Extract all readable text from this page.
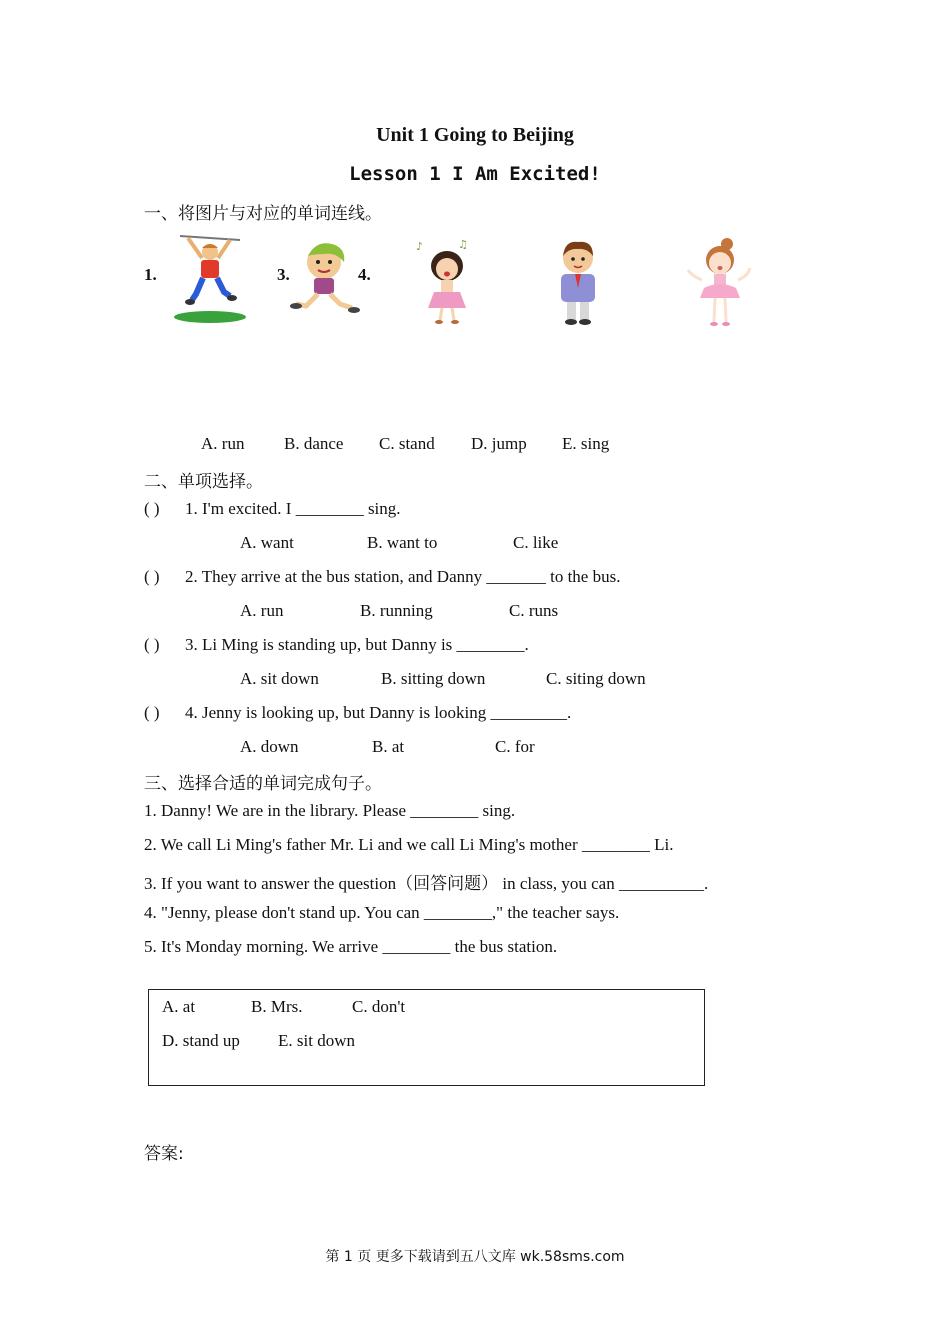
Unit 1 Going to Beijing
Lesson 1 I Am Excited!
一、将图片与对应的单词连线。
1.	3.	4.
♪	♫
A. run B. dance C. stand D. jump E. sing
二、单项选择。
( ) 1. I'm excited. I ________ sing.
A. want	B. want to	C. like
( ) 2. They arrive at the bus station, and Danny _______ to the bus.
A. run	B. running	C. runs
( ) 3. Li Ming is standing up, but Danny is ________.
A. sit down	B. sitting down	C. siting down
( ) 4. Jenny is looking up, but Danny is looking _________.
A. down	B. at	C. for
三、选择合适的单词完成句子。
1. Danny! We are in the library. Please ________ sing.
2. We call Li Ming's father Mr. Li and we call Li Ming's mother ________ Li.
3. If you want to answer the question（回答问题） in class, you can __________.
4. "Jenny, please don't stand up. You can ________," the teacher says.
5. It's Monday morning. We arrive ________ the bus station.
A. at	B. Mrs.	C. don't
D. stand up E. sit down
答案:
第 1 页 更多下载请到五八文库 wk.58sms.com
